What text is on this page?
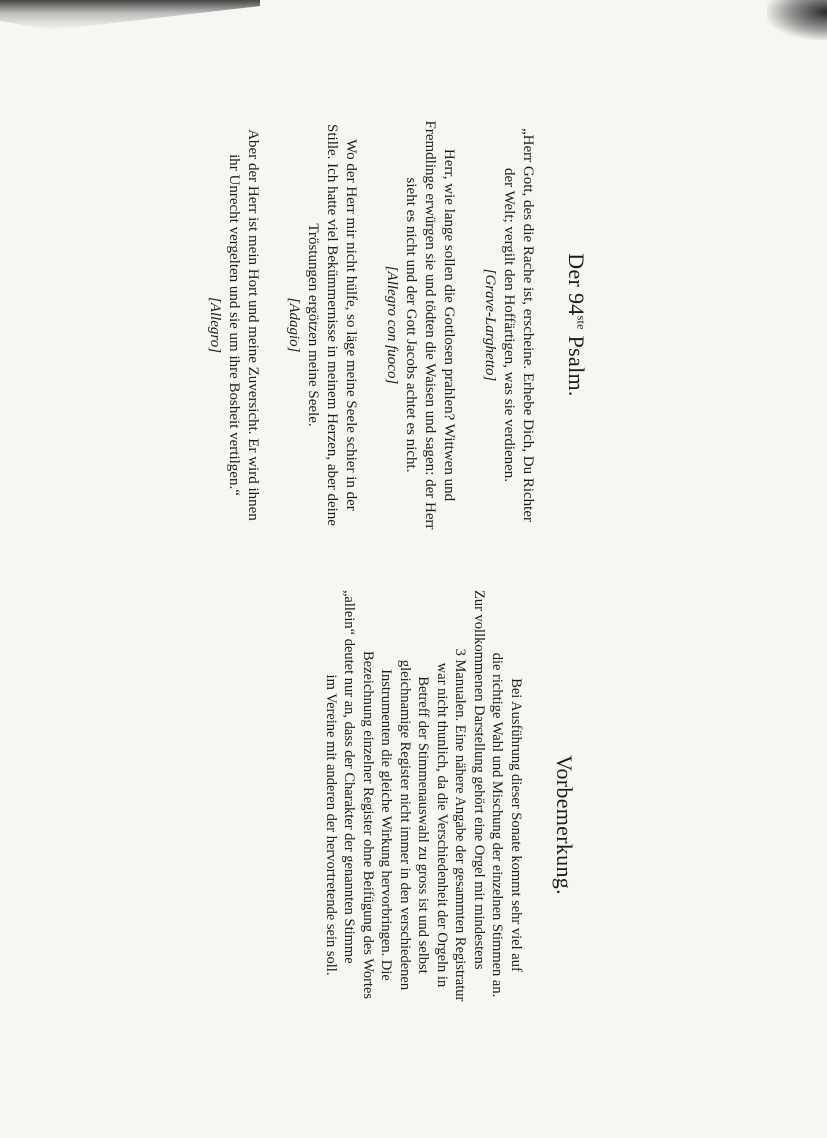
Der 94ste Psalm.
„Herr Gott, des die Rache ist, erscheine. Erhebe Dich, Du Richter
der Welt; vergilt den Hoffärtigen, was sie verdienen.
[Grave-Larghetto]
Herr, wie lange sollen die Gottlosen prahlen? Wittwen und
Fremdlinge erwürgen sie und tödten die Waisen und sagen: der Herr
sieht es nicht und der Gott Jacobs achtet es nicht.
[Allegro con fuoco]
Wo der Herr mir nicht hülfe, so läge meine Seele schier in der
Stille. Ich hatte viel Bekümmernisse in meinem Herzen, aber deine
Tröstungen ergötzen meine Seele.
[Adagio]
Aber der Herr ist mein Hort und meine Zuversicht. Er wird ihnen
ihr Unrecht vergelten und sie um ihre Bosheit vertilgen.“
[Allegro]
Vorbemerkung.
Bei Ausführung dieser Sonate kommt sehr viel auf
die richtige Wahl und Mischung der einzelnen Stimmen an.
Zur vollkommenen Darstellung gehört eine Orgel mit mindestens
3 Manualen. Eine nähere Angabe der gesammten Registratur
war nicht thunlich, da die Verschiedenheit der Orgeln in
Betreff der Stimmenauswahl zu gross ist und selbst
gleichnamige Register nicht immer in den verschiedenen
Instrumenten die gleiche Wirkung hervorbringen. Die
Bezeichnung einzelner Register ohne Beifügung des Wortes
„allein“ deutet nur an, dass der Charakter der genannten Stimme
im Vereine mit anderen der hervortretende sein soll.
